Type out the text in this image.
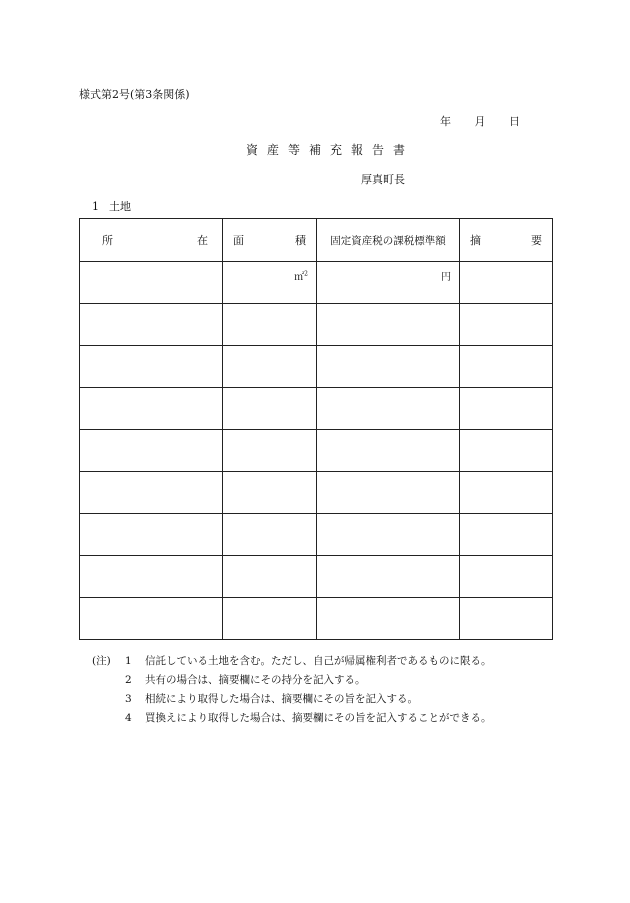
様式第2号(第3条関係)
年 月 日
資産等補充報告書
厚真町長
1 土地
所 在	面 積	固定資産税の課税標準額	摘 要

	㎡$^2$	円	

(注)	1	信託している土地を含む。ただし、自己が帰属権利者であるものに限る。
2	共有の場合は、摘要欄にその持分を記入する。
3	相続により取得した場合は、摘要欄にその旨を記入する。
4	買換えにより取得した場合は、摘要欄にその旨を記入することができる。
